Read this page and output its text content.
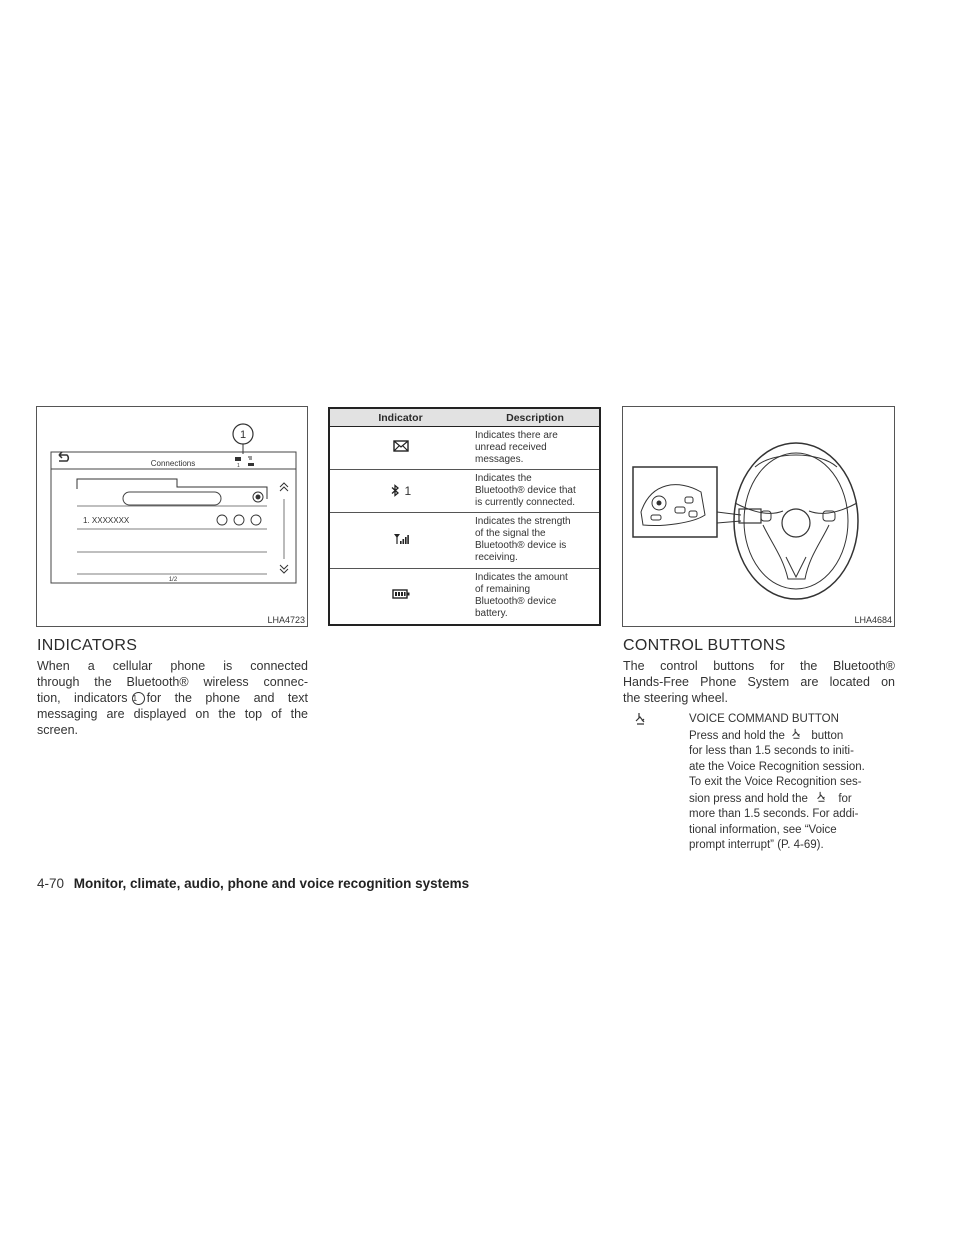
1
Connections	1
1. XXXXXXX
1/2
LHA4723
INDICATORS
When a cellular phone is connected
through the Bluetooth® wireless connec-
tion, indicators 1 for the phone and text
messaging are displayed on the top of the
screen.
Indicator	Description

Indicates there are
unread received
messages.

1	Indicates the
Bluetooth® device that
is currently connected.

Indicates the strength
of the signal the
Bluetooth® device is
receiving.

Indicates the amount
of remaining
Bluetooth® device
battery.
LHA4684
CONTROL BUTTONS
The control buttons for the Bluetooth®
Hands-Free Phone System are located on
the steering wheel.
VOICE COMMAND BUTTON
Press and hold the button
for less than 1.5 seconds to initi-
ate the Voice Recognition session.
To exit the Voice Recognition ses-
sion press and hold the	for
more than 1.5 seconds. For addi-
tional information, see “Voice
prompt interrupt” (P. 4-69).
4-70 Monitor, climate, audio, phone and voice recognition systems
